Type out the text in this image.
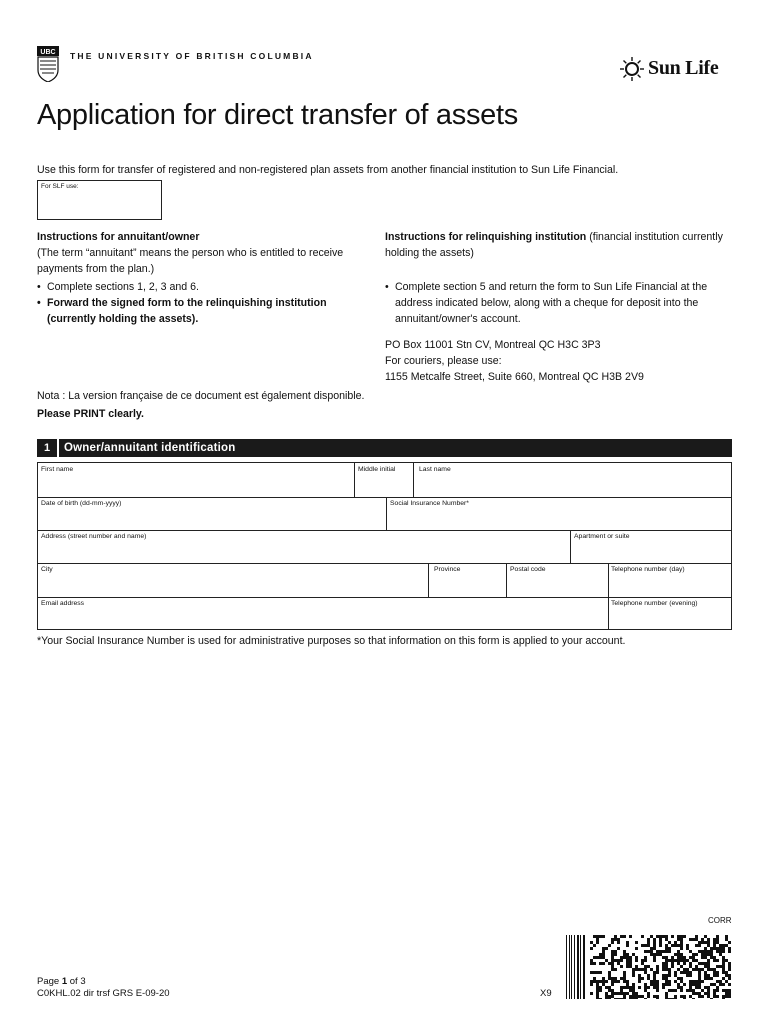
UBC THE UNIVERSITY OF BRITISH COLUMBIA
Sun Life
Application for direct transfer of assets
Use this form for transfer of registered and non-registered plan assets from another financial institution to Sun Life Financial.
For SLF use:
Instructions for annuitant/owner
(The term “annuitant” means the person who is entitled to receive payments from the plan.)
• Complete sections 1, 2, 3 and 6.
• Forward the signed form to the relinquishing institution (currently holding the assets).
Instructions for relinquishing institution (financial institution currently holding the assets)
• Complete section 5 and return the form to Sun Life Financial at the address indicated below, along with a cheque for deposit into the annuitant/owner's account.
PO Box 11001 Stn CV, Montreal QC H3C 3P3
For couriers, please use:
1155 Metcalfe Street, Suite 660, Montreal QC H3B 2V9
Nota : La version française de ce document est également disponible.
Please PRINT clearly.
1	Owner/annuitant identification
First name	Middle initial	Last name
Date of birth (dd-mm-yyyy)	Social Insurance Number*
Address (street number and name)	Apartment or suite
City	Province	Postal code	Telephone number (day)
Email address	Telephone number (evening)
*Your Social Insurance Number is used for administrative purposes so that information on this form is applied to your account.
CORR
Page 1 of 3
C0KHL.02 dir trsf GRS E-09-20	X9
